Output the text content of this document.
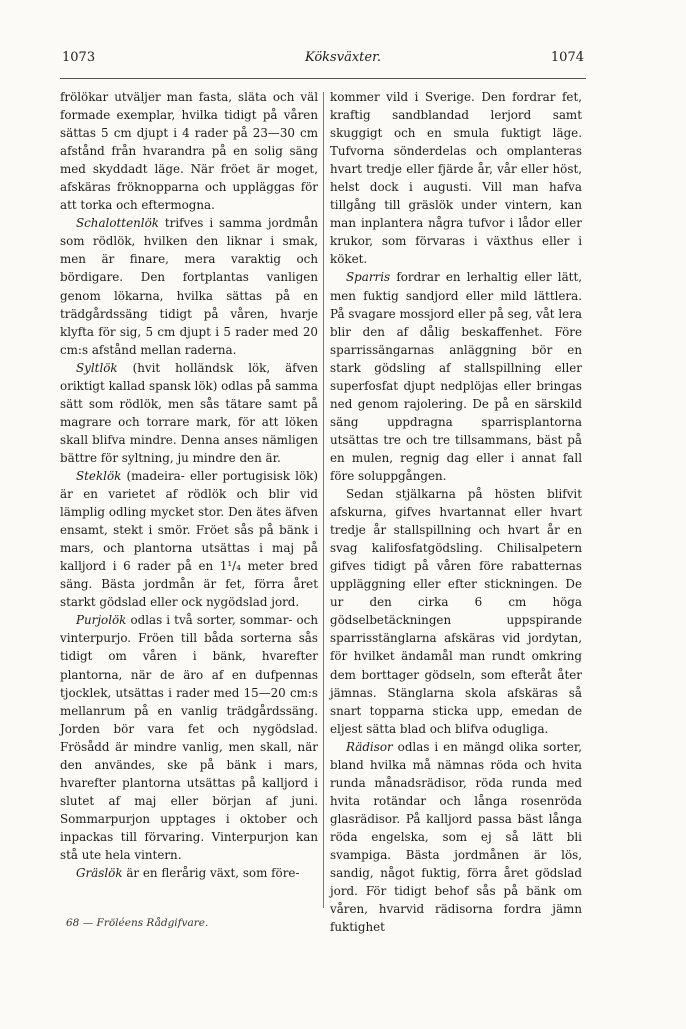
1073	Köksväxter.	1074

frölökar utväljer man fasta, släta och väl formade exemplar, hvilka tidigt på våren sättas 5 cm djupt i 4 rader på 23—30 cm afstånd från hvarandra på en solig säng med skyddadt läge. När fröet är moget, afskäras fröknopparna och uppläggas för att torka och eftermogna.

Schalottenlök trifves i samma jordmån som rödlök, hvilken den liknar i smak, men är finare, mera varaktig och bördigare. Den fortplantas vanligen genom lökarna, hvilka sättas på en trädgårdssäng tidigt på våren, hvarje klyfta för sig, 5 cm djupt i 5 rader med 20 cm:s afstånd mellan raderna.

Syltlök (hvit holländsk lök, äfven oriktigt kallad spansk lök) odlas på samma sätt som rödlök, men sås tätare samt på magrare och torrare mark, för att löken skall blifva mindre. Denna anses nämligen bättre för syltning, ju mindre den är.

Steklök (madeira- eller portugisisk lök) är en varietet af rödlök och blir vid lämplig odling mycket stor. Den ätes äfven ensamt, stekt i smör. Fröet sås på bänk i mars, och plantorna utsättas i maj på kalljord i 6 rader på en 1¹/₄ meter bred säng. Bästa jordmån är fet, förra året starkt gödslad eller ock nygödslad jord.

Purjolök odlas i två sorter, sommar- och vinterpurjo. Fröen till båda sorterna sås tidigt om våren i bänk, hvarefter plantorna, när de äro af en dufpennas tjocklek, utsättas i rader med 15—20 cm:s mellanrum på en vanlig trädgårdssäng. Jorden bör vara fet och nygödslad. Frösådd är mindre vanlig, men skall, när den användes, ske på bänk i mars, hvarefter plantorna utsättas på kalljord i slutet af maj eller början af juni. Sommarpurjon upptages i oktober och inpackas till förvaring. Vinterpurjon kan stå ute hela vintern.

Gräslök är en flerårig växt, som före-

kommer vild i Sverige. Den fordrar fet, kraftig sandblandad lerjord samt skuggigt och en smula fuktigt läge. Tufvorna sönderdelas och omplanteras hvart tredje eller fjärde år, vår eller höst, helst dock i augusti. Vill man hafva tillgång till gräslök under vintern, kan man inplantera några tufvor i lådor eller krukor, som förvaras i växthus eller i köket.

Sparris fordrar en lerhaltig eller lätt, men fuktig sandjord eller mild lättlera. På svagare mossjord eller på seg, våt lera blir den af dålig beskaffenhet. Före sparrissängarnas anläggning bör en stark gödsling af stallspillning eller superfosfat djupt nedplöjas eller bringas ned genom rajolering. De på en särskild säng uppdragna sparrisplantorna utsättas tre och tre tillsammans, bäst på en mulen, regnig dag eller i annat fall före soluppgången.

Sedan stjälkarna på hösten blifvit afskurna, gifves hvartannat eller hvart tredje år stallspillning och hvart år en svag kalifosfatgödsling. Chilisalpetern gifves tidigt på våren före rabatternas uppläggning eller efter stickningen. De ur den cirka 6 cm höga gödselbetäckningen uppspirande sparrisstänglarna afskäras vid jordytan, för hvilket ändamål man rundt omkring dem borttager gödseln, som efteråt åter jämnas. Stänglarna skola afskäras så snart topparna sticka upp, emedan de eljest sätta blad och blifva odugliga.

Rädisor odlas i en mängd olika sorter, bland hvilka må nämnas röda och hvita runda månadsrädisor, röda runda med hvita rotändar och långa rosenröda glasrädisor. På kalljord passa bäst långa röda engelska, som ej så lätt bli svampiga. Bästa jordmånen är lös, sandig, något fuktig, förra året gödslad jord. För tidigt behof sås på bänk om våren, hvarvid rädisorna fordra jämn fuktighet

68 — Fröléens Rådgifvare.
